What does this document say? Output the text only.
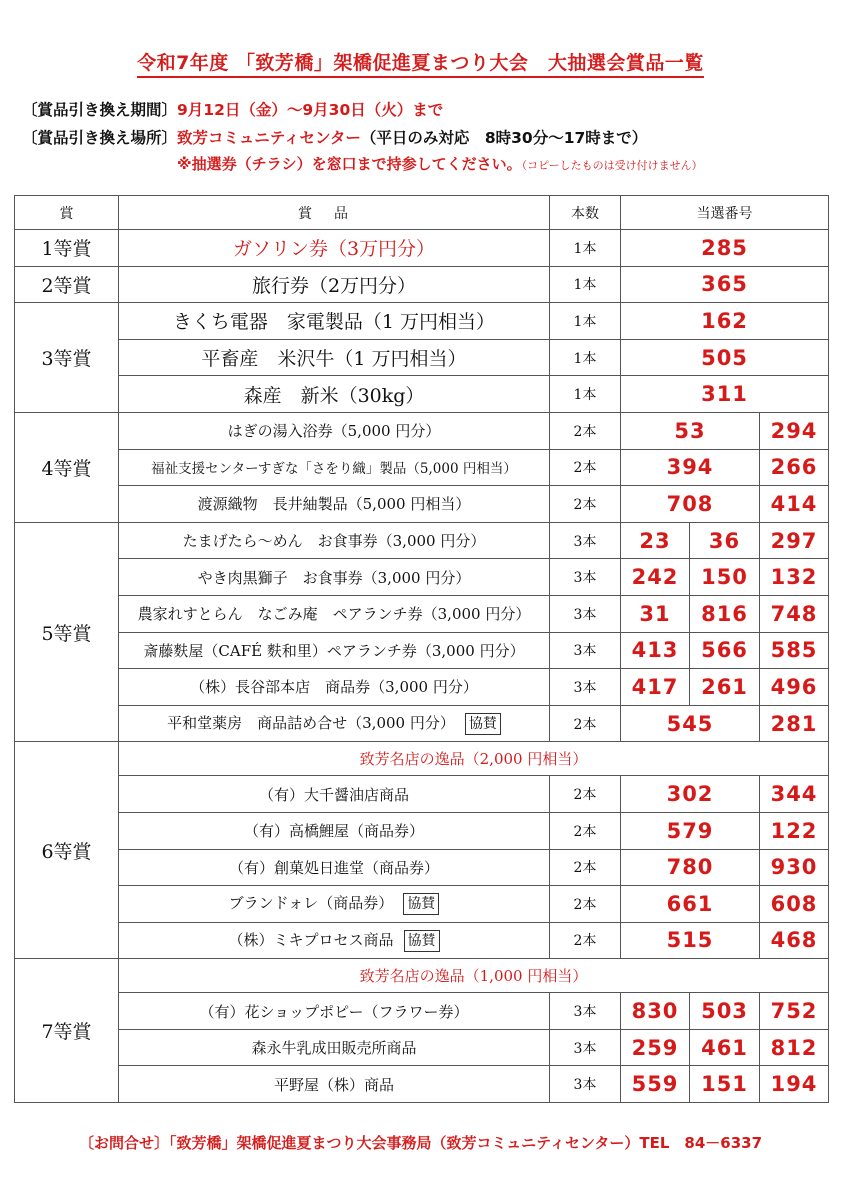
令和7年度 「致芳橋」架橋促進夏まつり大会　大抽選会賞品一覧
〔賞品引き換え期間〕9月12日（金）～9月30日（火）まで
〔賞品引き換え場所〕致芳コミュニティセンター（平日のみ対応　8時30分～17時まで）
※抽選券（チラシ）を窓口まで持参してください。（コピーしたものは受け付けません）
賞	賞品	本数	当選番号		
1等賞	ガソリン券（3万円分）	1本	285		
2等賞	旅行券（2万円分）	1本	365		
3等賞	きくち電器　家電製品（1 万円相当）	1本	162		
	平畜産　米沢牛（1 万円相当）	1本	505		
	森産　新米（30kg）	1本	311		
4等賞	はぎの湯入浴券（5,000 円分）	2本	53		294
	福祉支援センターすぎな「さをり織」製品（5,000 円相当）	2本	394		266
	渡源織物　長井紬製品（5,000 円相当）	2本	708		414
5等賞	たまげたら～めん　お食事券（3,000 円分）	3本	23	36	297
	やき肉黒獅子　お食事券（3,000 円分）	3本	242	150	132
	農家れすとらん　なごみ庵　ペアランチ券（3,000 円分）	3本	31	816	748
	斎藤麩屋（CAFÉ 麩和里）ペアランチ券（3,000 円分）	3本	413	566	585
	（株）長谷部本店　商品券（3,000 円分）	3本	417	261	496
	平和堂薬房　商品詰め合せ（3,000 円分） 協賛	2本	545		281
6等賞	致芳名店の逸品（2,000 円相当）				
	（有）大千醤油店商品	2本	302		344
	（有）高橋鯉屋（商品券）	2本	579		122
	（有）創菓処日進堂（商品券）	2本	780		930
	ブランドォレ（商品券） 協賛	2本	661		608
	（株）ミキプロセス商品 協賛	2本	515		468
7等賞	致芳名店の逸品（1,000 円相当）				
	（有）花ショップポピー（フラワー券）	3本	830	503	752
	森永牛乳成田販売所商品	3本	259	461	812
	平野屋（株）商品	3本	559	151	194
〔お問合せ〕「致芳橋」架橋促進夏まつり大会事務局（致芳コミュニティセンター）TEL　84－6337
